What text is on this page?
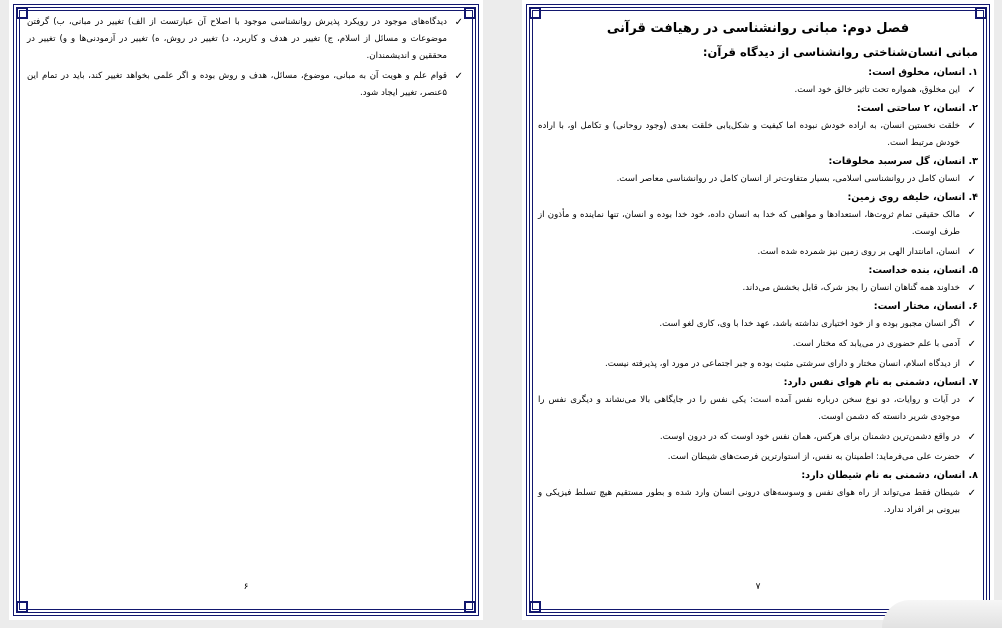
✓
دیدگاه‌های موجود در رویکرد پذیرش روانشناسی موجود با اصلاح آن عبارتست از الف) تغییر در مبانی، ب) گرفتن موضوعات و مسائل از اسلام، ج) تغییر در هدف و کاربرد، د) تغییر در روش، ه) تغییر در آزمودنی‌ها و و) تغییر در محققین و اندیشمندان.
✓
قوام علم و هویت آن به مبانی، موضوع، مسائل، هدف و روش بوده و اگر علمی بخواهد تغییر کند، باید در تمام این ۵عنصر، تغییر ایجاد شود.
۶
فصل دوم: مبانی روانشناسی در رهیافت قرآنی
مبانی انسان‌شناختی روانشناسی از دیدگاه قرآن:
۱. انسان، مخلوق است:
✓
این مخلوق، همواره تحت تاثیر خالق خود است.
۲. انسان، ۲ ساحتی است:
✓
خلقت نخستین انسان، به اراده خودش نبوده اما کیفیت و شکل‌یابی خلقت بعدی (وجود روحانی) و تکامل او، با اراده خودش مرتبط است.
۳. انسان، گل سرسبد مخلوقات:
✓
انسان کامل در روانشناسی اسلامی، بسیار متفاوت‌تر از انسان کامل در روانشناسی معاصر است.
۴. انسان، خلیفه روی زمین:
✓
مالک حقیقی تمام ثروت‌ها، استعدادها و مواهبی که خدا به انسان داده، خود خدا بوده و انسان، تنها نماینده و مأذون از طرف اوست.
✓
انسان، امانتدار الهی بر روی زمین نیز شمرده شده است.
۵. انسان، بنده خداست:
✓
خداوند همه گناهان انسان را بجز شرک، قابل بخشش می‌داند.
۶. انسان، مختار است:
✓
اگر انسان مجبور بوده و از خود اختیاری نداشته باشد، عهد خدا با وی، کاری لغو است.
✓
آدمی با علم حضوری در می‌یابد که مختار است.
✓
از دیدگاه اسلام، انسان مختار و دارای سرشتی مثبت بوده و جبر اجتماعی در مورد او، پذیرفته نیست.
۷. انسان، دشمنی به نام هوای نفس دارد:
✓
در آیات و روایات، دو نوع سخن درباره نفس آمده است: یکی نفس را در جایگاهی بالا می‌نشاند و دیگری نفس را موجودی شریر دانسته که دشمن اوست.
✓
در واقع دشمن‌ترین دشمنان برای هرکس، همان نفس خود اوست که در درون اوست.
✓
حضرت علی می‌فرماید: اطمینان به نفس، از استوارترین فرصت‌های شیطان است.
۸. انسان، دشمنی به نام شیطان دارد:
✓
شیطان فقط می‌تواند از راه هوای نفس و وسوسه‌های درونی انسان وارد شده و بطور مستقیم هیچ تسلط فیزیکی و بیرونی بر افراد ندارد.
۷
